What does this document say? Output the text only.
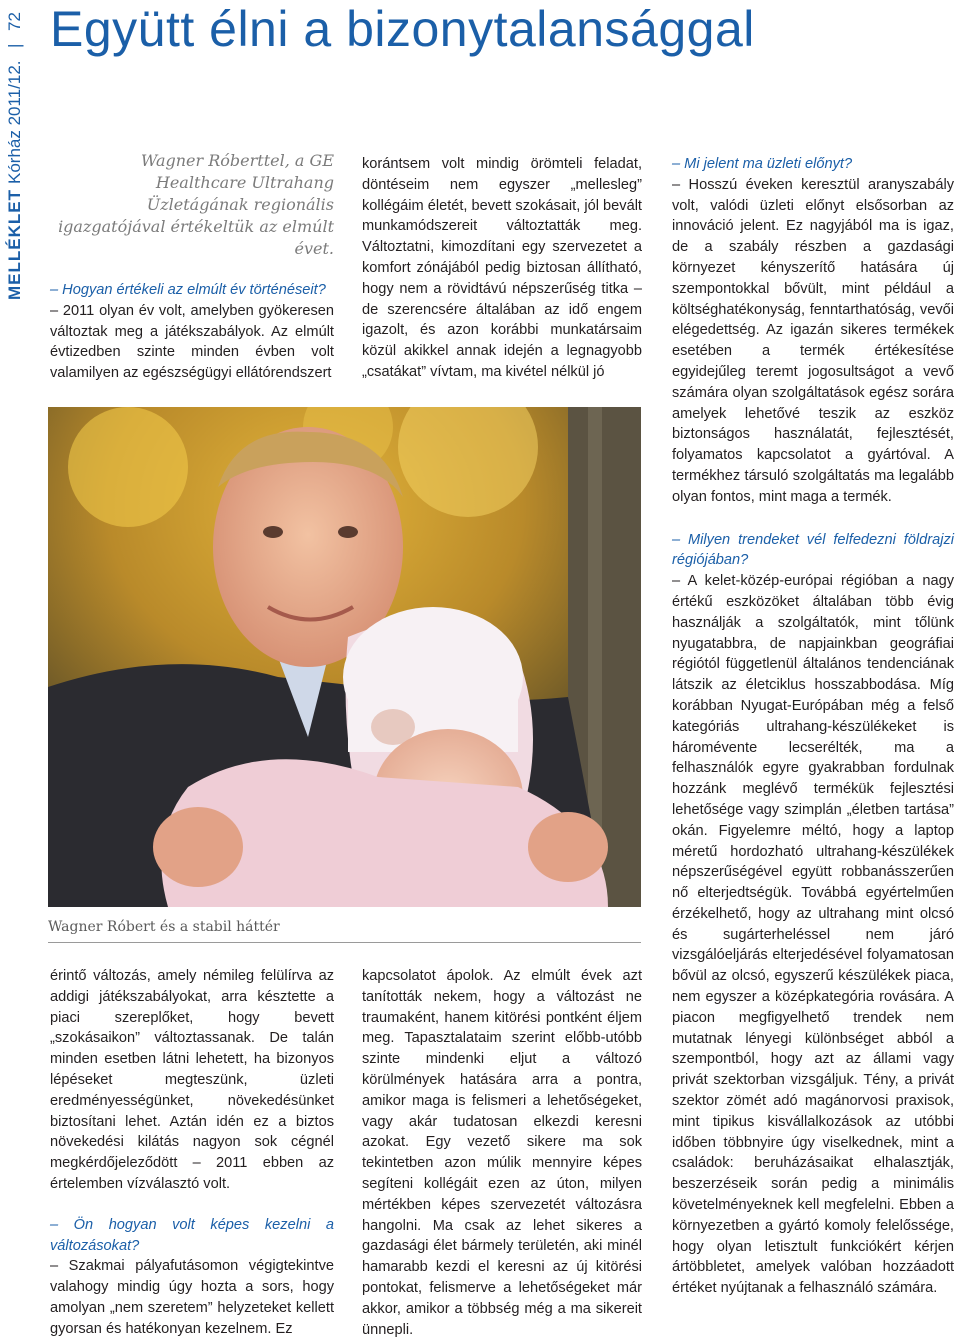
MELLÉKLET Kórház 2011/12. | 72 Együtt élni a bizonytalansággal
Wagner Róberttel, a GE Healthcare Ultrahang Üzletágának regionális igazgatójával értékeltük az elmúlt évet.

– Hogyan értékeli az elmúlt év történéseit?

– 2011 olyan év volt, amelyben gyökeresen változtak meg a játékszabályok. Az elmúlt évtizedben szinte minden évben volt valamilyen az egészségügyi ellátórendszert

korántsem volt mindig örömteli feladat, döntéseim nem egyszer „mellesleg” kollégáim életét, bevett szokásait, jól bevált munkamódszereit változtatták meg. Változtatni, kimozdítani egy szervezetet a komfort zónájából pedig biztosan állítható, hogy nem a rövidtávú népszerűség titka – de szerencsére általában az idő engem igazolt, és azon korábbi munkatársaim közül akikkel annak idején a legnagyobb „csatákat” vívtam, ma kivétel nélkül jó

Wagner Róbert és a stabil háttér

érintő változás, amely némileg felülírva az addigi játékszabályokat, arra késztette a piaci szereplőket, hogy bevett „szokásaikon” változtassanak. De talán minden esetben látni lehetett, ha bizonyos lépéseket megteszünk, üzleti eredményességünket, növekedésünket biztosítani lehet. Aztán idén ez a biztos növekedési kilátás nagyon sok cégnél megkérdőjeleződött – 2011 ebben az értelemben vízválasztó volt.

– Ön hogyan volt képes kezelni a változásokat?

– Szakmai pályafutásomon végigtekintve valahogy mindig úgy hozta a sors, hogy amolyan „nem szeretem” helyzeteket kellett gyorsan és hatékonyan kezelnem. Ez

kapcsolatot ápolok. Az elmúlt évek azt tanították nekem, hogy a változást ne traumaként, hanem kitörési pontként éljem meg. Tapasztalataim szerint előbb-utóbb szinte mindenki eljut a változó körülmények hatására arra a pontra, amikor maga is felismeri a lehetőségeket, vagy akár tudatosan elkezdi keresni azokat. Egy vezető sikere ma sok tekintetben azon múlik mennyire képes segíteni kollégáit ezen az úton, milyen mértékben képes szervezetét változásra hangolni. Ma csak az lehet sikeres a gazdasági élet bármely területén, aki minél hamarabb kezdi el keresni az új kitörési pontokat, felismerve a lehetőségeket már akkor, amikor a többség még a ma sikereit ünnepli.

– Mi jelent ma üzleti előnyt?

– Hosszú éveken keresztül aranyszabály volt, valódi üzleti előnyt elsősorban az innováció jelent. Ez nagyjából ma is igaz, de a szabály részben a gazdasági környezet kényszerítő hatására új szempontokkal bővült, mint például a költséghatékonyság, fenntarthatóság, vevői elégedettség. Az igazán sikeres termékek esetében a termék értékesítése egyidejűleg teremt jogosultságot a vevő számára olyan szolgáltatások egész sorára amelyek lehetővé teszik az eszköz biztonságos használatát, fejlesztését, folyamatos kapcsolatot a gyártóval. A termékhez társuló szolgáltatás ma legalább olyan fontos, mint maga a termék.

– Milyen trendeket vél felfedezni földrajzi régiójában?

– A kelet-közép-európai régióban a nagy értékű eszközöket általában több évig használják a szolgáltatók, mint tőlünk nyugatabbra, de napjainkban geográfiai régiótól függetlenül általános tendenciának látszik az életciklus hosszabbodása. Míg korábban Nyugat-Európában még a felső kategóriás ultrahang-készülékeket is háromévente lecserélték, ma a felhasználók egyre gyakrabban fordulnak hozzánk meglévő termékük fejlesztési lehetősége vagy szimplán „életben tartása” okán. Figyelemre méltó, hogy a laptop méretű hordozható ultrahang-készülékek népszerűségével együtt robbanásszerűen nő elterjedtségük. Továbbá egyértelműen érzékelhető, hogy az ultrahang mint olcsó és sugárterheléssel nem járó vizsgálóeljárás elterjedésével folyamatosan bővül az olcsó, egyszerű készülékek piaca, nem egyszer a középkategória rovására. A piacon megfigyelhető trendek nem mutatnak lényegi különbséget abból a szempontból, hogy azt az állami vagy privát szektorban vizsgáljuk. Tény, a privát szektor zömét adó magánorvosi praxisok, mint tipikus kisvállalkozások az utóbbi időben többnyire úgy viselkednek, mint a családok: beruházásaikat elhalasztják, beszerzéseik során pedig a minimális követelményeknek kell megfelelni. Ebben a környezetben a gyártó komoly felelőssége, hogy olyan letisztult funkciókért kérjen ártöbbletet, amelyek valóban hozzáadott értéket nyújtanak a felhasználó számára.
